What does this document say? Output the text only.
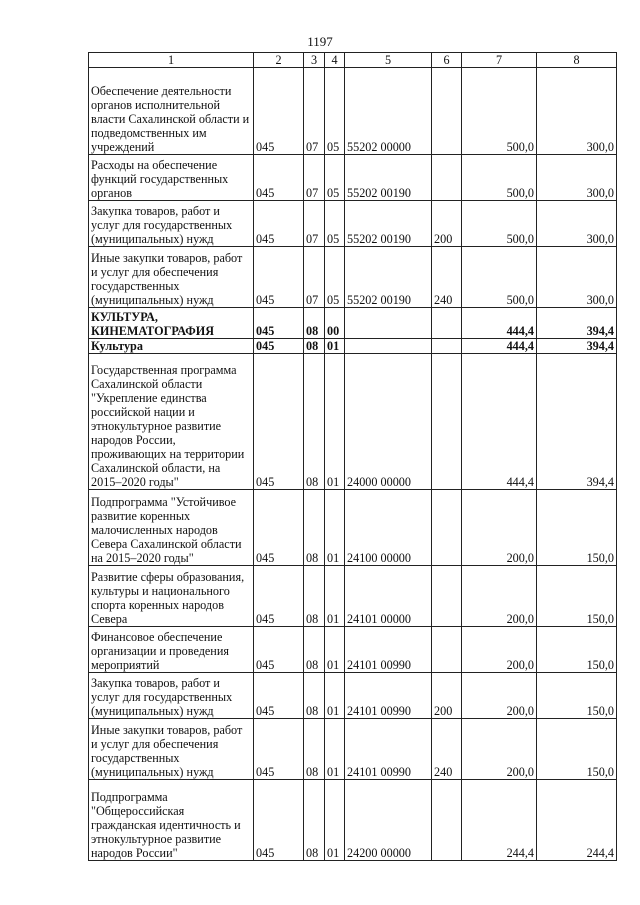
1197
1	2	3	4	5	6	7	8
Обеспечение деятельности органов исполнительной власти Сахалинской области и подведомственных им учреждений	045	07	05	55202 00000		500,0	300,0
Расходы на обеспечение функций государственных органов	045	07	05	55202 00190		500,0	300,0
Закупка товаров, работ и услуг для государственных (муниципальных) нужд	045	07	05	55202 00190	200	500,0	300,0
Иные закупки товаров, работ и услуг для обеспечения государственных (муниципальных) нужд	045	07	05	55202 00190	240	500,0	300,0
КУЛЬТУРА, КИНЕМАТОГРАФИЯ	045	08	00			444,4	394,4
Культура	045	08	01			444,4	394,4
Государственная программа Сахалинской области "Укрепление единства российской нации и этнокультурное развитие народов России, проживающих на территории Сахалинской области, на 2015–2020 годы"	045	08	01	24000 00000		444,4	394,4
Подпрограмма "Устойчивое развитие коренных малочисленных народов Севера Сахалинской области на 2015–2020 годы"	045	08	01	24100 00000		200,0	150,0
Развитие сферы образования, культуры и национального спорта коренных народов Севера	045	08	01	24101 00000		200,0	150,0
Финансовое обеспечение организации и проведения мероприятий	045	08	01	24101 00990		200,0	150,0
Закупка товаров, работ и услуг для государственных (муниципальных) нужд	045	08	01	24101 00990	200	200,0	150,0
Иные закупки товаров, работ и услуг для обеспечения государственных (муниципальных) нужд	045	08	01	24101 00990	240	200,0	150,0
Подпрограмма "Общероссийская гражданская идентичность и этнокультурное развитие народов России"	045	08	01	24200 00000		244,4	244,4
